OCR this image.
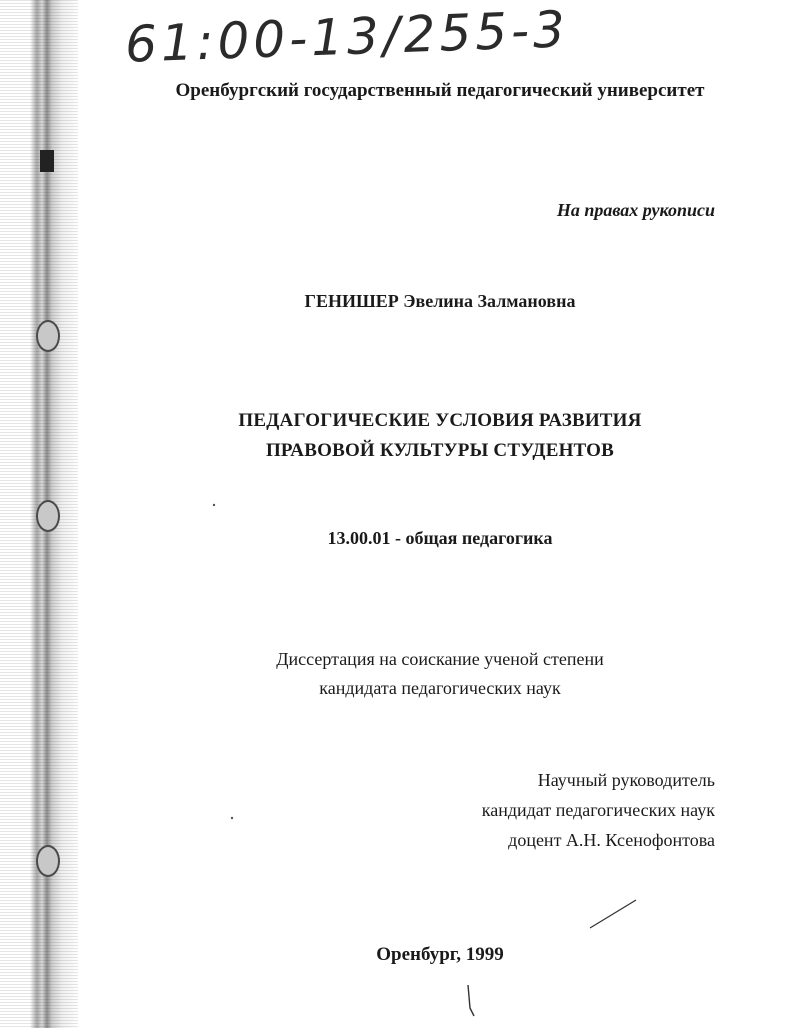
61:00-13/255-3

Оренбургский государственный педагогический университет

На правах рукописи

ГЕНИШЕР Эвелина Залмановна

ПЕДАГОГИЧЕСКИЕ УСЛОВИЯ РАЗВИТИЯ

ПРАВОВОЙ КУЛЬТУРЫ СТУДЕНТОВ

13.00.01 - общая педагогика

Диссертация на соискание ученой степени

кандидата педагогических наук

Научный руководитель

кандидат педагогических наук

доцент А.Н. Ксенофонтова

Оренбург, 1999
